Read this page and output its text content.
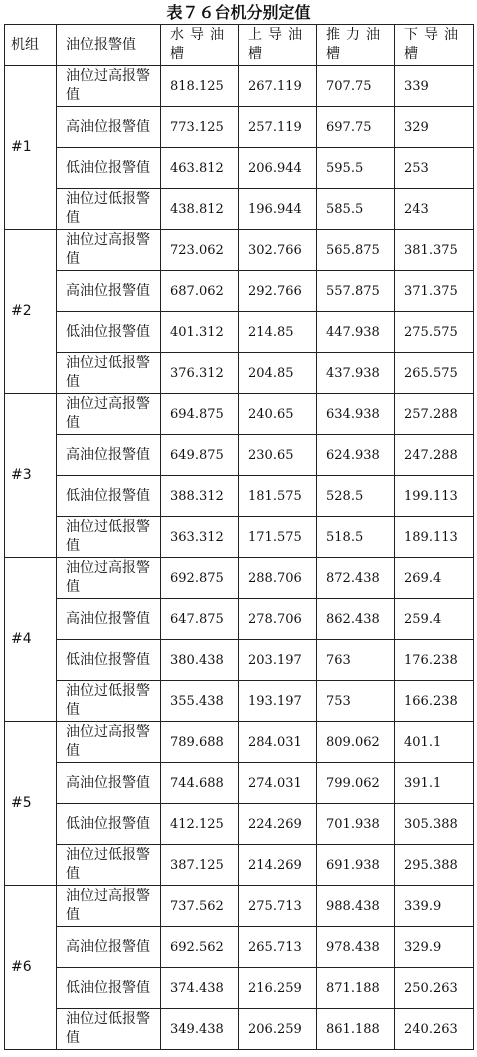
表７６台机分别定值
机组	油位报警值	水导油槽	上导油槽	推力油槽	下导油槽
#1	油位过高报警值	818.125	267.119	707.75	339
	高油位报警值	773.125	257.119	697.75	329
	低油位报警值	463.812	206.944	595.5	253
	油位过低报警值	438.812	196.944	585.5	243
#2	油位过高报警值	723.062	302.766	565.875	381.375
	高油位报警值	687.062	292.766	557.875	371.375
	低油位报警值	401.312	214.85	447.938	275.575
	油位过低报警值	376.312	204.85	437.938	265.575
#3	油位过高报警值	694.875	240.65	634.938	257.288
	高油位报警值	649.875	230.65	624.938	247.288
	低油位报警值	388.312	181.575	528.5	199.113
	油位过低报警值	363.312	171.575	518.5	189.113
#4	油位过高报警值	692.875	288.706	872.438	269.4
	高油位报警值	647.875	278.706	862.438	259.4
	低油位报警值	380.438	203.197	763	176.238
	油位过低报警值	355.438	193.197	753	166.238
#5	油位过高报警值	789.688	284.031	809.062	401.1
	高油位报警值	744.688	274.031	799.062	391.1
	低油位报警值	412.125	224.269	701.938	305.388
	油位过低报警值	387.125	214.269	691.938	295.388
#6	油位过高报警值	737.562	275.713	988.438	339.9
	高油位报警值	692.562	265.713	978.438	329.9
	低油位报警值	374.438	216.259	871.188	250.263
	油位过低报警值	349.438	206.259	861.188	240.263
